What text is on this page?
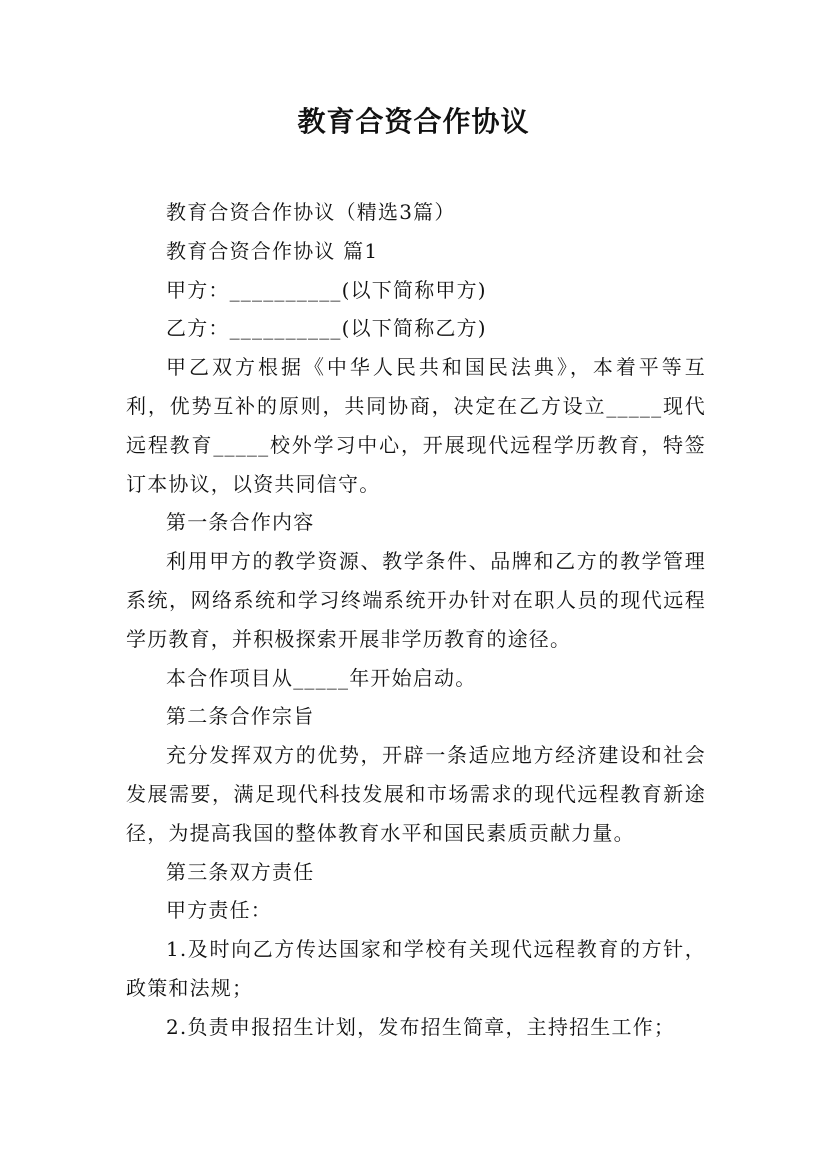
教育合资合作协议

教育合资合作协议（精选3篇）

教育合资合作协议 篇1

甲方：__________(以下简称甲方)

乙方：__________(以下简称乙方)

甲乙双方根据《中华人民共和国民法典》，本着平等互利，优势互补的原则，共同协商，决定在乙方设立_____现代远程教育_____校外学习中心，开展现代远程学历教育，特签订本协议，以资共同信守。

第一条合作内容

利用甲方的教学资源、教学条件、品牌和乙方的教学管理系统，网络系统和学习终端系统开办针对在职人员的现代远程学历教育，并积极探索开展非学历教育的途径。

本合作项目从_____年开始启动。

第二条合作宗旨

充分发挥双方的优势，开辟一条适应地方经济建设和社会发展需要，满足现代科技发展和市场需求的现代远程教育新途径，为提高我国的整体教育水平和国民素质贡献力量。

第三条双方责任

甲方责任：

1.及时向乙方传达国家和学校有关现代远程教育的方针，政策和法规；

2.负责申报招生计划，发布招生简章，主持招生工作；
